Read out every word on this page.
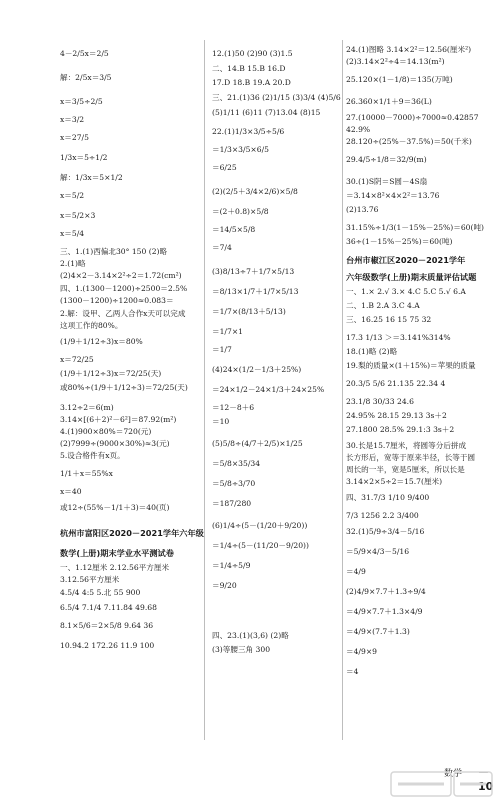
4－2/5x＝2/5
解：2/5x＝3/5
x＝3/5÷2/5
x＝3/2
x＝27/5
1/3x＝5÷1/2
解：1/3x＝5×1/2
x＝5/2
x＝5/2×3
x＝5/4
三、1.(1)西偏北30° 150 (2)略
2.(1)略
(2)4×2－3.14×2²÷2＝1.72(cm²)
四、1.(1300－1200)÷2500＝2.5%
(1300－1200)÷1200≈0.083＝
2.解：设甲、乙两人合作x天可以完成
这项工作的80%。
(1/9＋1/12÷3)x＝80%
x＝72/25
(1/9＋1/12÷3)x＝72/25(天)
或80%÷(1/9＋1/12÷3)＝72/25(天)
3.12÷2＝6(m)
3.14×[(6＋2)²－6²]＝87.92(m²)
4.(1)900×80%＝720(元)
(2)7999÷(9000×30%)≈3(元)
5.设合格件有x页。
1/1＋x＝55%x
x＝40
或12÷(55%－1/1＋3)＝40(页)
杭州市富阳区2020－2021学年六年级
数学(上册)期末学业水平测试卷
一、1.12厘米 2.12.56平方厘米
3.12.56平方厘米
4.5/4 4:5 5.北 55 900
6.5/4 7.1/4 7.11.84 49.68
8.1×5/6＝2×5/8 9.64 36
10.94.2 172.26 11.9 100
12.(1)50 (2)90 (3)1.5
二、14.B 15.B 16.D
17.D 18.B 19.A 20.D
三、21.(1)36 (2)1/15 (3)3/4 (4)5/6
(5)1/11 (6)11 (7)13.04 (8)15
22.(1)1/3×3/5÷5/6
＝1/3×3/5×6/5
＝6/25
(2)(2/5＋3/4×2/6)×5/8
＝(2＋0.8)×5/8
＝14/5×5/8
＝7/4
(3)8/13÷7＋1/7×5/13
＝8/13×1/7＋1/7×5/13
＝1/7×(8/13＋5/13)
＝1/7×1
＝1/7
(4)24×(1/2－1/3＋25%)
＝24×1/2－24×1/3＋24×25%
＝12－8＋6
＝10
(5)5/8÷(4/7＋2/5)×1/25
＝5/8×35/34
＝5/8÷3/70
＝187/280
(6)1/4÷(5－(1/20＋9/20))
＝1/4÷(5－(11/20－9/20))
＝1/4÷5/9
＝9/20
四、23.(1)(3,6) (2)略
(3)等腰三角 300
24.(1)图略 3.14×2²＝12.56(厘米²)
(2)3.14×2²÷4＝14.13(m²)
25.120×(1－1/8)＝135(万吨)
26.360×1/1＋9＝36(L)
27.(10000－7000)÷7000≈0.42857
42.9%
28.120÷(25%－37.5%)＝50(千米)
29.4/5÷1/8＝32/9(m)
30.(1)S阴＝S圆－4S扇
＝3.14×8²×4×2²＝13.76
(2)13.76
31.15%÷1/3(1－15%－25%)＝60(吨)
36÷(1－15%－25%)＝60(吨)
台州市椒江区2020－2021学年
六年级数学(上册)期末质量评估试题
一、1.× 2.√ 3.× 4.C 5.C 5.√ 6.A
二、1.B 2.A 3.C 4.A
三、16.25 16 15 75 32
17.3 1/13 ＞＝3.141%314%
18.(1)略 (2)略
19.梨的质量×(1＋15%)＝苹果的质量
20.3/5 5/6 21.135 22.34 4
23.1/8 30/33 24.6
24.95% 28.15 29.13 3s＋2
27.1800 28.5% 29.1:3 3s＋2
30.长是15.7厘米，将圆等分后拼成
长方形后，宽等于原来半径，长等于圆
周长的一半，宽是5厘米，所以长是
3.14×2×5÷2＝15.7(厘米)
四、31.7/3 1/10 9/400
7/3 1256 2.2 3/400
32.(1)5/9÷3/4－5/16
＝5/9×4/3－5/16
＝4/9
(2)4/9×7.7＋1.3÷9/4
＝4/9×7.7＋1.3×4/9
＝4/9×(7.7＋1.3)
＝4/9×9
＝4
数学 －10
